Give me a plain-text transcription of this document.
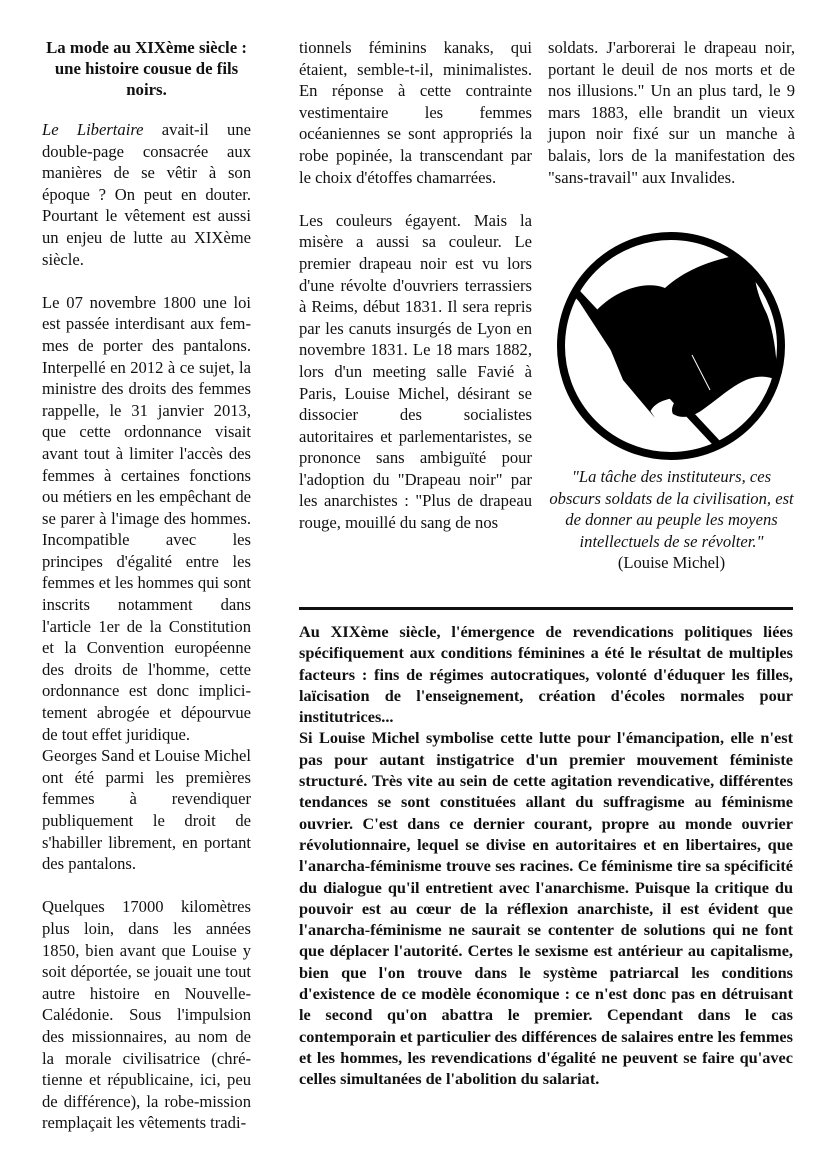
La mode au XIXème siècle : une histoire cousue de fils noirs.

Le Libertaire avait-il une double-page consacrée aux manières de se vêtir à son époque ? On peut en douter. Pourtant le vêtement est aussi un enjeu de lutte au XIXème siècle.

Le 07 novembre 1800 une loi est passée interdisant aux femmes de porter des pantalons. Interpellé en 2012 à ce sujet, la ministre des droits des femmes rappelle, le 31 janvier 2013, que cette ordonnance visait avant tout à limiter l'accès des femmes à certaines fonctions ou métiers en les empêchant de se parer à l'image des hommes. Incompatible avec les principes d'égalité entre les femmes et les hommes qui sont inscrits notamment dans l'article 1er de la Constitution et la Convention européenne des droits de l'homme, cette ordonnance est donc implicitement abrogée et dépourvue de tout effet juridique.

Georges Sand et Louise Michel ont été parmi les premières femmes à revendiquer publiquement le droit de s'habiller librement, en portant des pantalons.

Quelques 17000 kilomètres plus loin, dans les années 1850, bien avant que Louise y soit déportée, se jouait une tout autre histoire en Nouvelle-Calédonie. Sous l'impulsion des missionnaires, au nom de la morale civilisatrice (chrétienne et républicaine, ici, peu de différence), la robe-mission remplaçait les vêtements tradi-

tionnels féminins kanaks, qui étaient, semble-t-il, minimalistes. En réponse à cette contrainte vestimentaire les femmes océaniennes se sont appropriés la robe popinée, la transcendant par le choix d'étoffes chamarrées.

Les couleurs égayent. Mais la misère a aussi sa couleur. Le premier drapeau noir est vu lors d'une révolte d'ouvriers terrassiers à Reims, début 1831. Il sera repris par les canuts insurgés de Lyon en novembre 1831. Le 18 mars 1882, lors d'un meeting salle Favié à Paris, Louise Michel, désirant se dissocier des socialistes autoritaires et parlementaristes, se prononce sans ambiguïté pour l'adoption du "Drapeau noir" par les anarchistes : "Plus de drapeau rouge, mouillé du sang de nos

soldats. J'arborerai le drapeau noir, portant le deuil de nos morts et de nos illusions." Un an plus tard, le 9 mars 1883, elle brandit un vieux jupon noir fixé sur un manche à balais, lors de la manifestation des "sans-travail" aux Invalides.

"La tâche des instituteurs, ces obscurs soldats de la civilisation, est de donner au peuple les moyens intellectuels de se révolter."
(Louise Michel)

Au XIXème siècle, l'émergence de revendications politiques liées spécifiquement aux conditions féminines a été le résultat de multiples facteurs : fins de régimes autocratiques, volonté d'éduquer les filles, laïcisation de l'enseignement, création d'écoles normales pour institutrices...

Si Louise Michel symbolise cette lutte pour l'émancipation, elle n'est pas pour autant instigatrice d'un premier mouvement féministe structuré. Très vite au sein de cette agitation revendicative, différentes tendances se sont constituées allant du suffragisme au féminisme ouvrier. C'est dans ce dernier courant, propre au monde ouvrier révolutionnaire, lequel se divise en autoritaires et en libertaires, que l'anarcha-féminisme trouve ses racines. Ce féminisme tire sa spécificité du dialogue qu'il entretient avec l'anarchisme. Puisque la critique du pouvoir est au cœur de la réflexion anarchiste, il est évident que l'anarcha-féminisme ne saurait se contenter de solutions qui ne font que déplacer l'autorité. Certes le sexisme est antérieur au capitalisme, bien que l'on trouve dans le système patriarcal les conditions d'existence de ce modèle économique : ce n'est donc pas en détruisant le second qu'on abattra le premier. Cependant dans le cas contemporain et particulier des différences de salaires entre les femmes et les hommes, les revendications d'égalité ne peuvent se faire qu'avec celles simultanées de l'abolition du salariat.
